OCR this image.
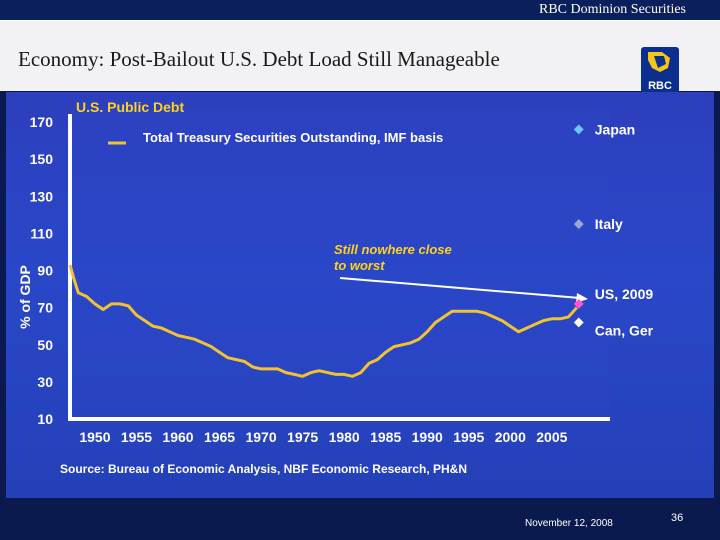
RBC Dominion Securities
Economy: Post-Bailout U.S. Debt Load Still Manageable
RBC
U.S. Public Debt
% of GDP
Total Treasury Securities Outstanding, IMF basis
Still nowhere close to worst
170
150
130
110
90
70
50
30
10
1950 1955 1960 1965 1970 1975 1980 1985 1990 1995 2000 2005
Japan
Italy
US, 2009
Can, Ger
Source: Bureau of Economic Analysis, NBF Economic Research, PH&N
November 12, 2008	36
